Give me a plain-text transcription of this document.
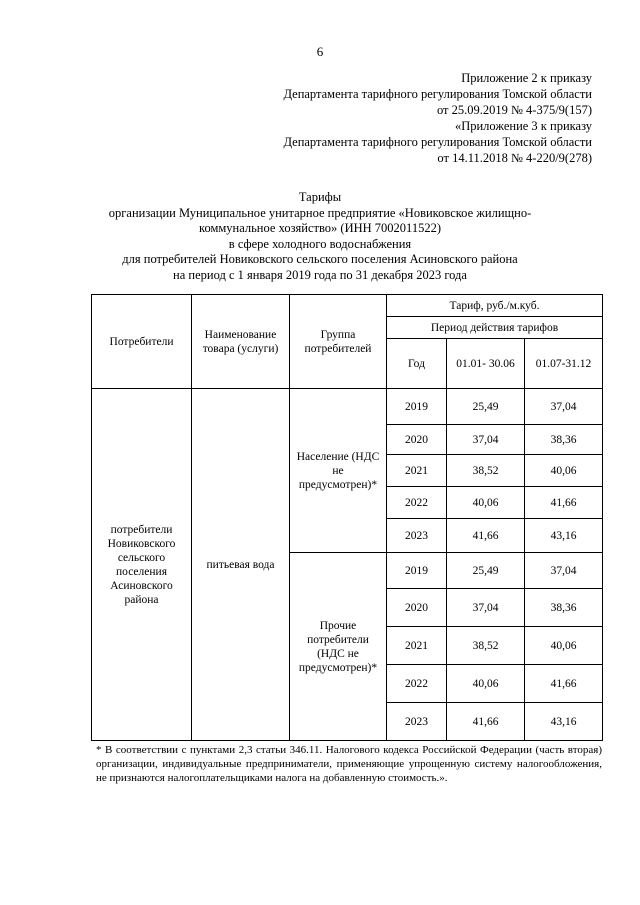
6
Приложение 2 к приказу
Департамента тарифного регулирования Томской области
от 25.09.2019 № 4-375/9(157)
«Приложение 3 к приказу
Департамента тарифного регулирования Томской области
от 14.11.2018 № 4-220/9(278)
Тарифы
организации Муниципальное унитарное предприятие «Новиковское жилищно-
коммунальное хозяйство» (ИНН 7002011522)
в сфере холодного водоснабжения
для потребителей Новиковского сельского поселения Асиновского района
на период с 1 января 2019 года по 31 декабря 2023 года
Потребители	Наименование товара (услуги)	Группа потребителей	Тариф, руб./м.куб.		
			Период действия тарифов		
			Год	01.01- 30.06	01.07-31.12
потребители Новиковского сельского поселения Асиновского района	питьевая вода	Население (НДС не предусмотрен)*	2019	25,49	37,04
			2020	37,04	38,36
			2021	38,52	40,06
			2022	40,06	41,66
			2023	41,66	43,16
		Прочие потребители (НДС не предусмотрен)*	2019	25,49	37,04
			2020	37,04	38,36
			2021	38,52	40,06
			2022	40,06	41,66
			2023	41,66	43,16
* В соответствии с пунктами 2,3 статьи 346.11. Налогового кодекса Российской Федерации (часть вторая) организации, индивидуальные предприниматели, применяющие упрощенную систему налогообложения, не признаются налогоплательщиками налога на добавленную стоимость.».
